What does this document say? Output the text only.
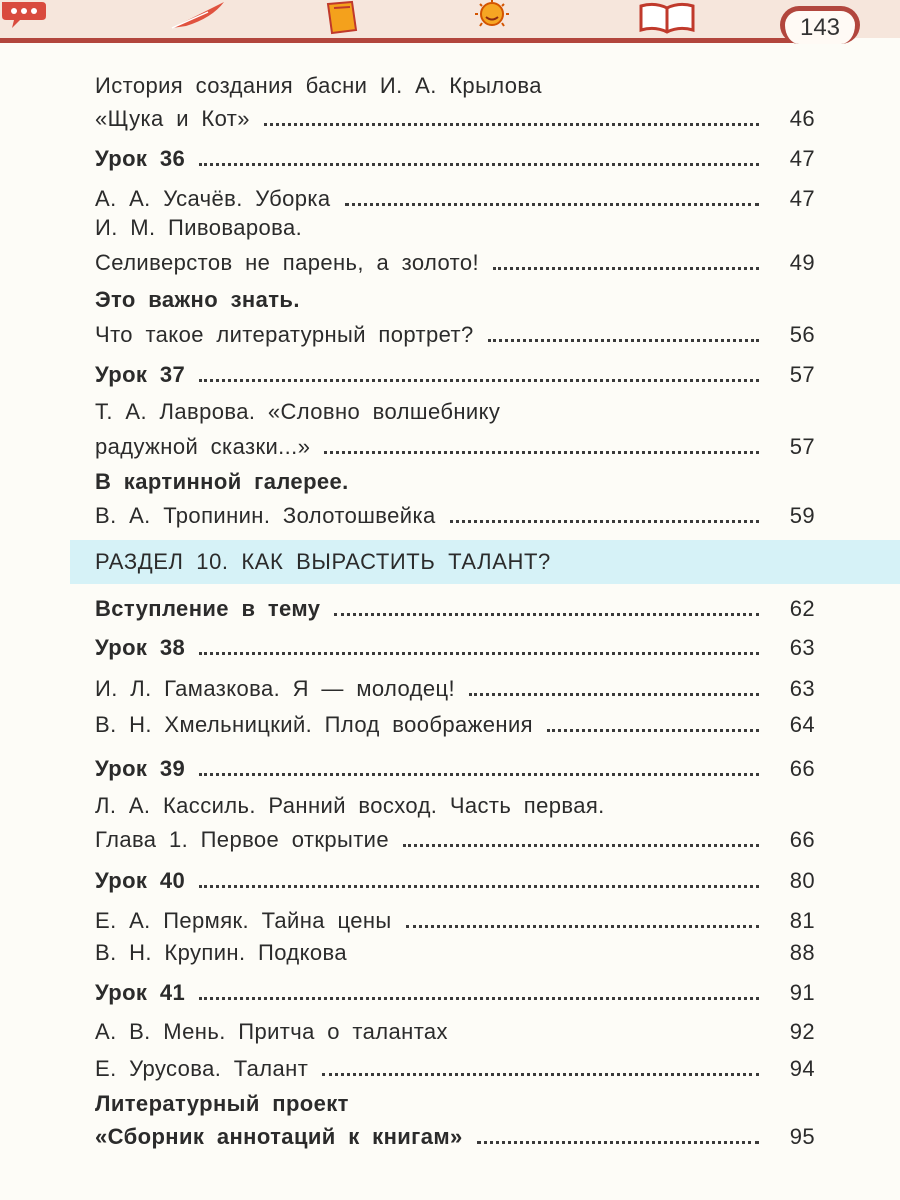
143
История создания басни И. А. Крылова
«Щука и Кот»	46
Урок 36	47
А. А. Усачёв. Уборка	47
И. М. Пивоварова.
Селиверстов не парень, а золото!	49
Это важно знать.
Что такое литературный портрет?	56
Урок 37	57
Т. А. Лаврова. «Словно волшебнику
радужной сказки...»	57
В картинной галерее.
В. А. Тропинин. Золотошвейка	59
РАЗДЕЛ 10. КАК ВЫРАСТИТЬ ТАЛАНТ?
Вступление в тему	62
Урок 38	63
И. Л. Гамазкова. Я — молодец!	63
В. Н. Хмельницкий. Плод воображения	64
Урок 39	66
Л. А. Кассиль. Ранний восход. Часть первая.
Глава 1. Первое открытие	66
Урок 40	80
Е. А. Пермяк. Тайна цены	81
В. Н. Крупин. Подкова	88
Урок 41	91
А. В. Мень. Притча о талантах	92
Е. Урусова. Талант	94
Литературный проект
«Сборник аннотаций к книгам»	95
